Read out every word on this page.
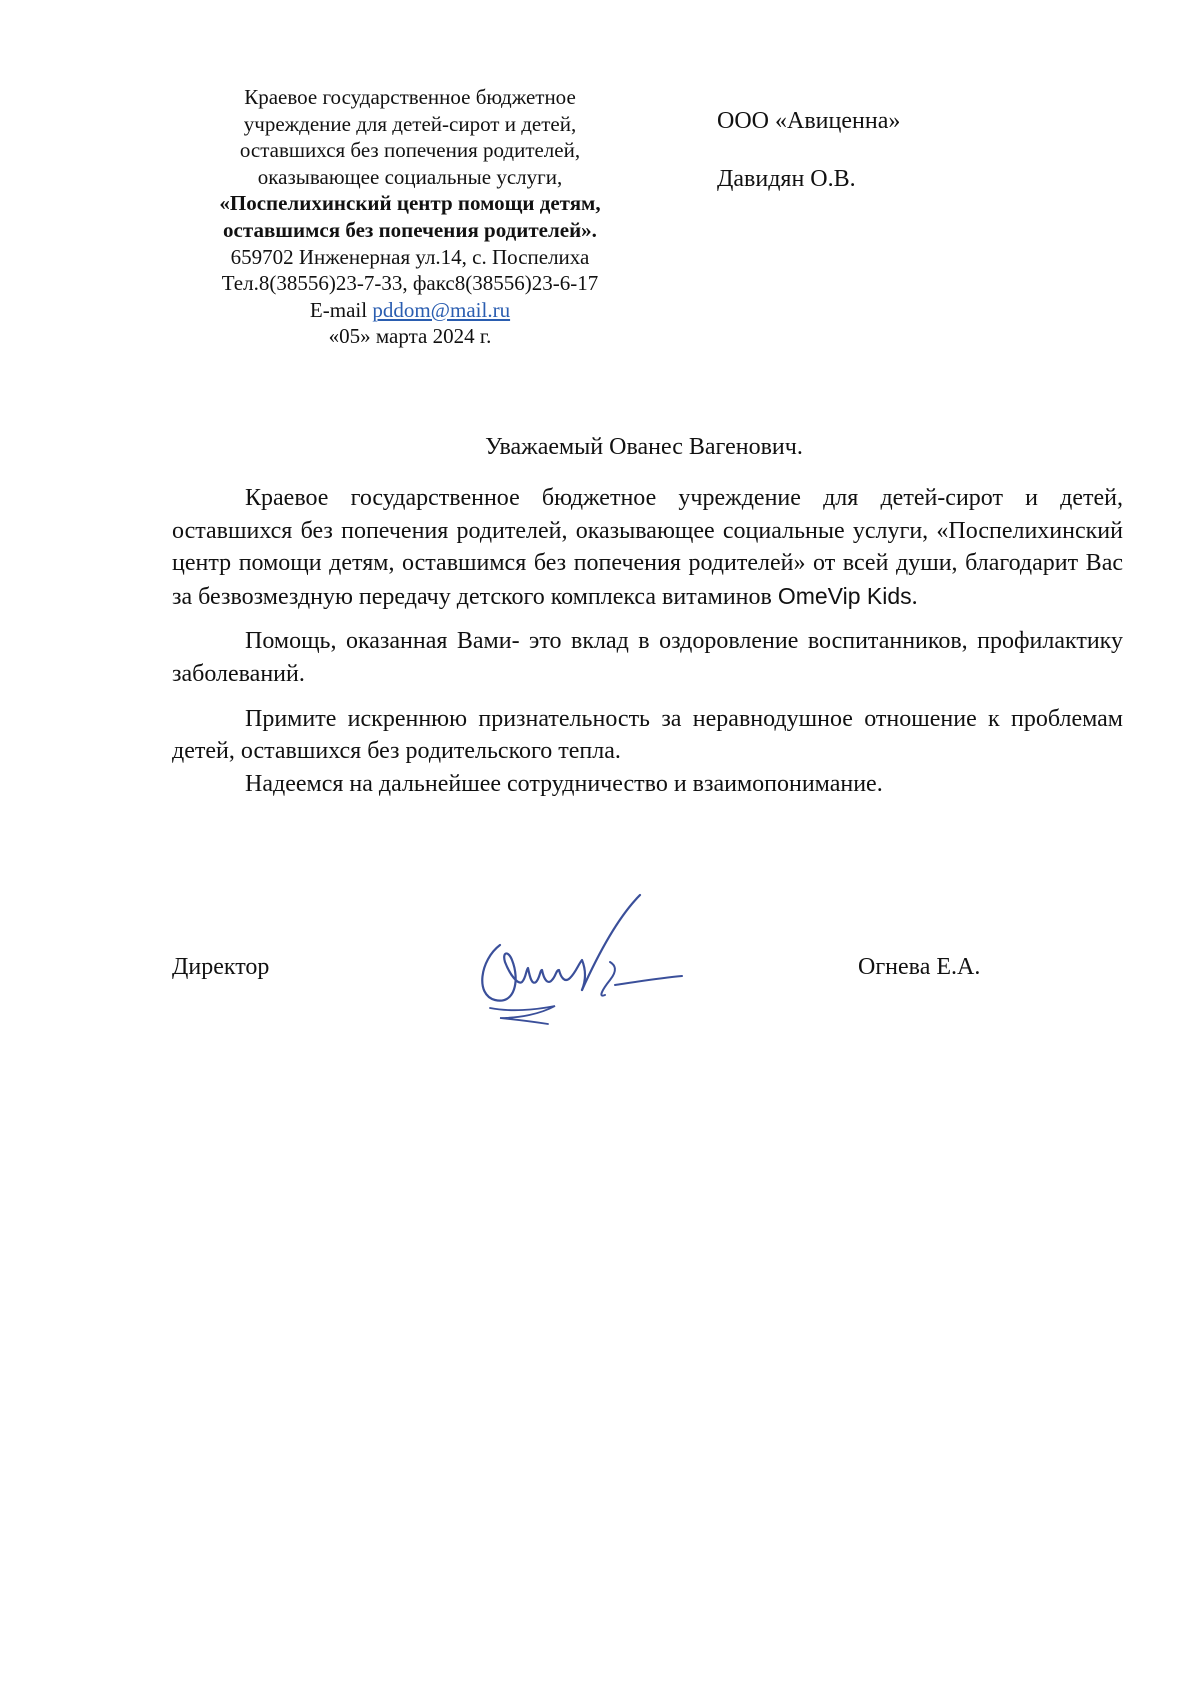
Краевое государственное бюджетное
учреждение для детей-сирот и детей,
оставшихся без попечения родителей,
оказывающее социальные услуги,
«Поспелихинский центр помощи детям,
оставшимся без попечения родителей».
659702 Инженерная ул.14, с. Поспелиха
Тел.8(38556)23-7-33, факс8(38556)23-6-17
E-mail pddom@mail.ru
«05» марта 2024 г.
ООО «Авиценна»
Давидян О.В.
Уважаемый Ованес Вагенович.

Краевое государственное бюджетное учреждение для детей-сирот и детей, оставшихся без попечения родителей, оказывающее социальные услуги, «Поспелихинский центр помощи детям, оставшимся без попечения родителей» от всей души, благодарит Вас за безвозмездную передачу детского комплекса витаминов OmeVip Kids.

Помощь, оказанная Вами- это вклад в оздоровление воспитанников, профилактику заболеваний.

Примите искреннюю признательность за неравнодушное отношение к проблемам детей, оставшихся без родительского тепла.

Надеемся на дальнейшее сотрудничество и взаимопонимание.

Директор	Огнева Е.А.
